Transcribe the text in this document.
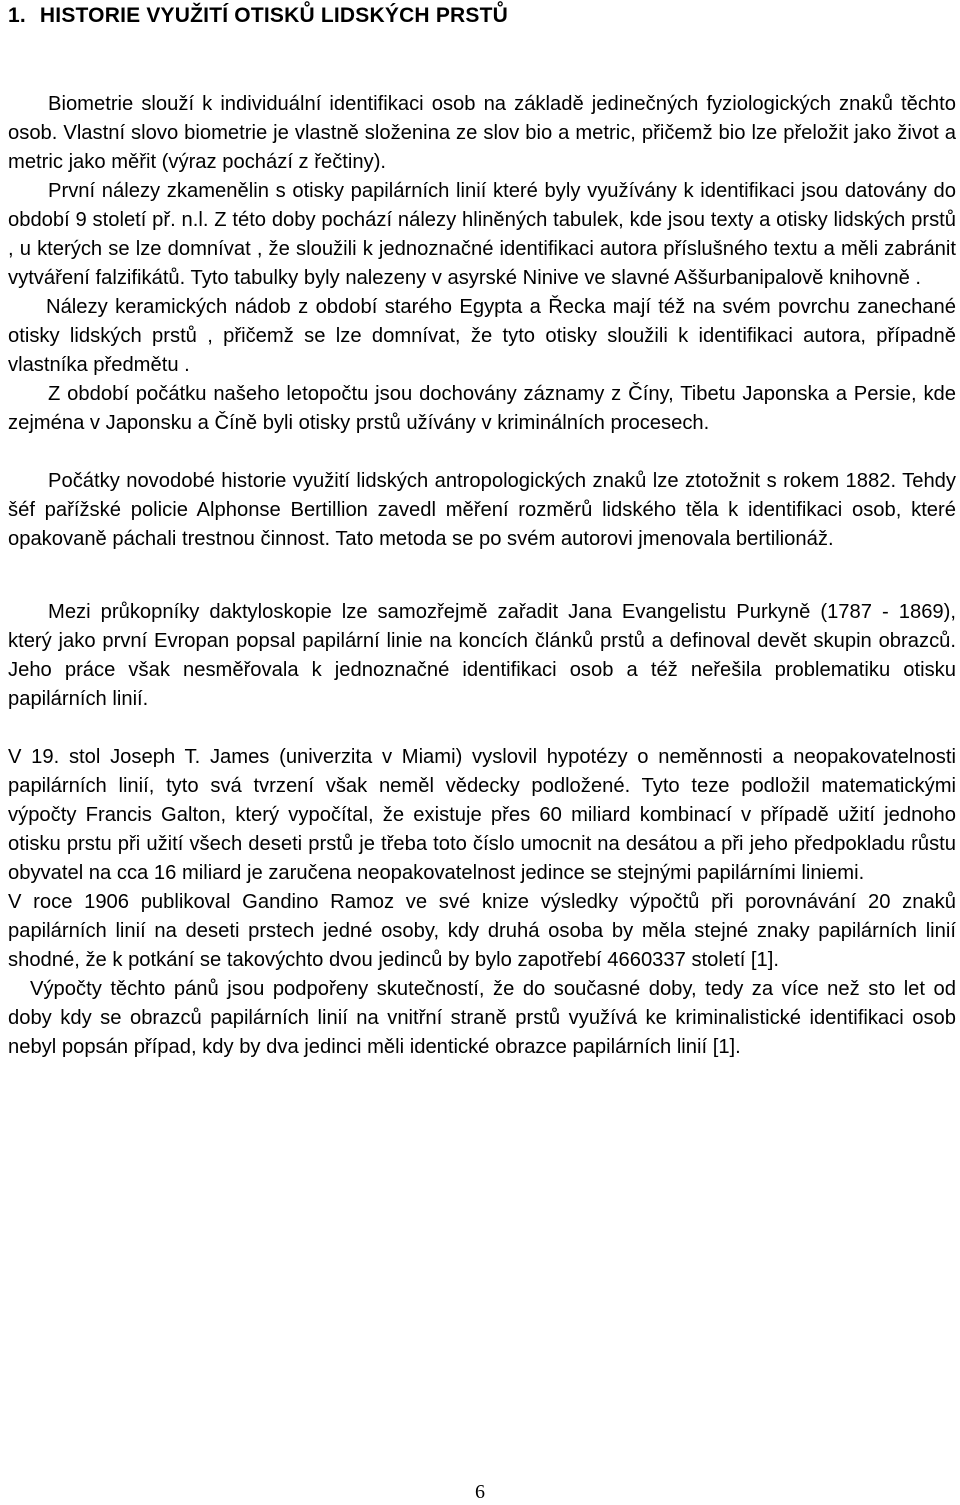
1. HISTORIE VYUŽITÍ OTISKŮ LIDSKÝCH PRSTŮ

Biometrie slouží k individuální identifikaci osob na základě jedinečných fyziologických znaků těchto osob. Vlastní slovo biometrie je vlastně složenina ze slov bio a metric, přičemž bio lze přeložit jako život a metric jako měřit (výraz pochází z řečtiny).

První nálezy zkamenělin s otisky papilárních linií které byly využívány k identifikaci jsou datovány do období 9 století př. n.l. Z této doby pochází nálezy hliněných tabulek, kde jsou texty a otisky lidských prstů , u kterých se lze domnívat , že sloužili k jednoznačné identifikaci autora příslušného textu a měli zabránit vytváření falzifikátů. Tyto tabulky byly nalezeny v asyrské Ninive ve slavné Aššurbanipalově knihovně .

Nálezy keramických nádob z období starého Egypta a Řecka mají též na svém povrchu zanechané otisky lidských prstů , přičemž se lze domnívat, že tyto otisky sloužili k identifikaci autora, případně vlastníka předmětu .

Z období počátku našeho letopočtu jsou dochovány záznamy z Číny, Tibetu Japonska a Persie, kde zejména v Japonsku a Číně byli otisky prstů užívány v kriminálních procesech.

Počátky novodobé historie využití lidských antropologických znaků lze ztotožnit s rokem 1882. Tehdy šéf pařížské policie Alphonse Bertillion zavedl měření rozměrů lidského těla k identifikaci osob, které opakovaně páchali trestnou činnost. Tato metoda se po svém autorovi jmenovala bertilionáž.

Mezi průkopníky daktyloskopie lze samozřejmě zařadit Jana Evangelistu Purkyně (1787 - 1869), který jako první Evropan popsal papilární linie na koncích článků prstů a definoval devět skupin obrazců. Jeho práce však nesměřovala k jednoznačné identifikaci osob a též neřešila problematiku otisku papilárních linií.

V 19. stol Joseph T. James (univerzita v Miami) vyslovil hypotézy o neměnnosti a neopakovatelnosti papilárních linií, tyto svá tvrzení však neměl vědecky podložené. Tyto teze podložil matematickými výpočty Francis Galton, který vypočítal, že existuje přes 60 miliard kombinací v případě užití jednoho otisku prstu při užití všech deseti prstů je třeba toto číslo umocnit na desátou a při jeho předpokladu růstu obyvatel na cca 16 miliard je zaručena neopakovatelnost jedince se stejnými papilárními liniemi.

V roce 1906 publikoval Gandino Ramoz ve své knize výsledky výpočtů při porovnávání 20 znaků papilárních linií na deseti prstech jedné osoby, kdy druhá osoba by měla stejné znaky papilárních linií shodné, že k potkání se takovýchto dvou jedinců by bylo zapotřebí 4660337 století [1].

Výpočty těchto pánů jsou podpořeny skutečností, že do současné doby, tedy za více než sto let od doby kdy se obrazců papilárních linií na vnitřní straně prstů využívá ke kriminalistické identifikaci osob nebyl popsán případ, kdy by dva jedinci měli identické obrazce papilárních linií [1].

6
